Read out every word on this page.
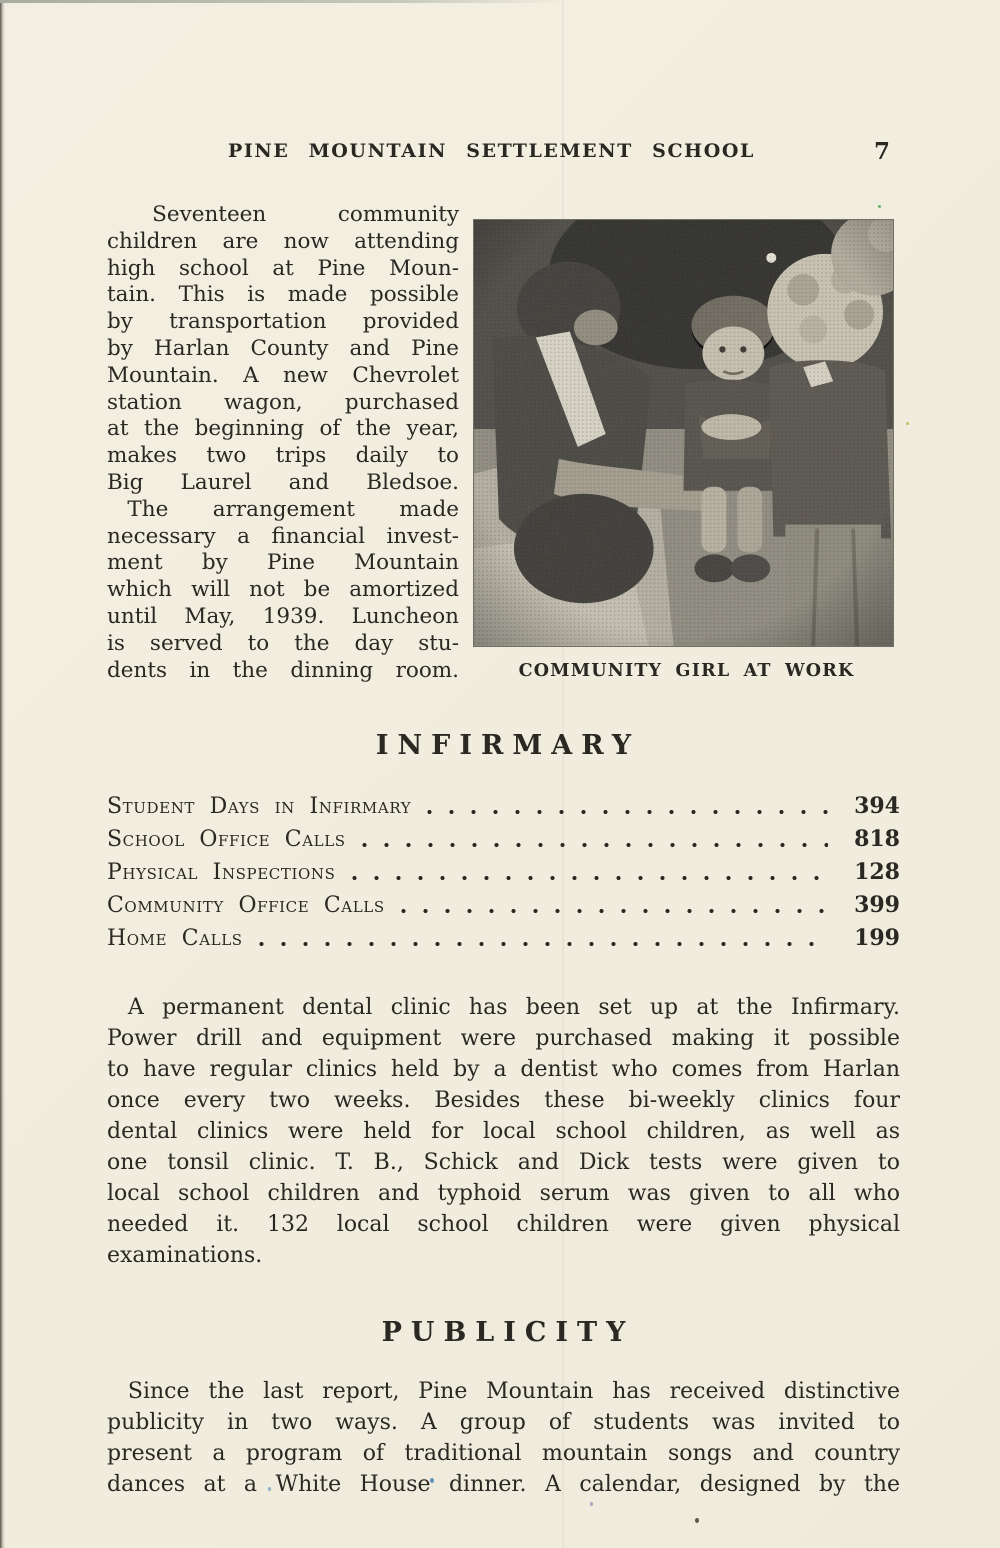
PINE MOUNTAIN SETTLEMENT SCHOOL	7
Seventeen community
children are now attending
high school at Pine Moun-
tain. This is made possible
by transportation provided
by Harlan County and Pine
Mountain. A new Chevrolet
station wagon, purchased
at the beginning of the year,
makes two trips daily to
Big Laurel and Bledsoe.
The arrangement made
necessary a financial invest-
ment by Pine Mountain
which will not be amortized
until May, 1939. Luncheon
is served to the day stu-
dents in the dinning room.	COMMUNITY GIRL AT WORK
INFIRMARY
Student Days in Infirmary	394
School Office Calls	818
Physical Inspections	128
Community Office Calls	399
Home Calls	199
A permanent dental clinic has been set up at the Infirmary.
Power drill and equipment were purchased making it possible
to have regular clinics held by a dentist who comes from Harlan
once every two weeks. Besides these bi-weekly clinics four
dental clinics were held for local school children, as well as
one tonsil clinic. T. B., Schick and Dick tests were given to
local school children and typhoid serum was given to all who
needed it. 132 local school children were given physical
examinations.
PUBLICITY
Since the last report, Pine Mountain has received distinctive
publicity in two ways. A group of students was invited to
present a program of traditional mountain songs and country
dances at a White House dinner. A calendar, designed by the
